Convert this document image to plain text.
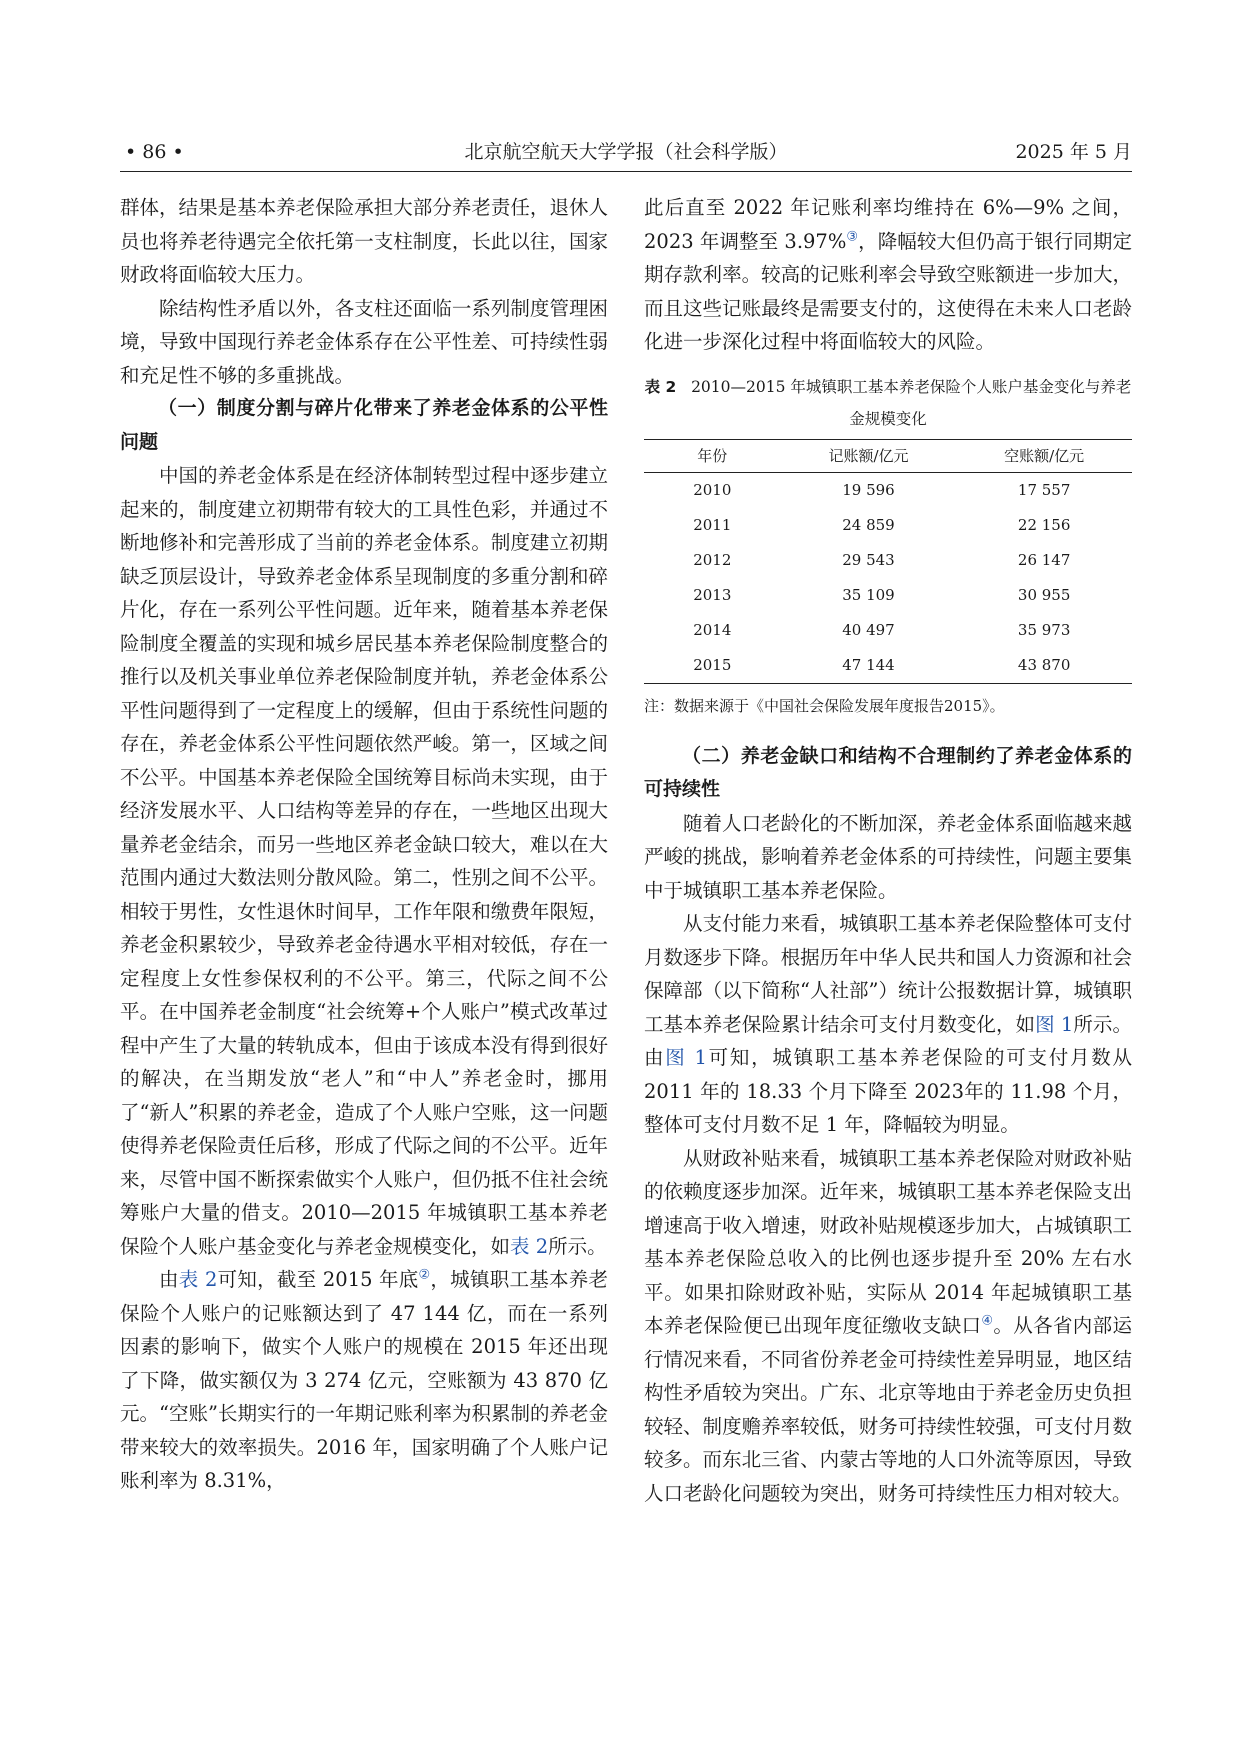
• 86 •	北京航空航天大学学报（社会科学版）	2025 年 5 月

群体，结果是基本养老保险承担大部分养老责任，退休人员也将养老待遇完全依托第一支柱制度，长此以往，国家财政将面临较大压力。

除结构性矛盾以外，各支柱还面临一系列制度管理困境，导致中国现行养老金体系存在公平性差、可持续性弱和充足性不够的多重挑战。

（一）制度分割与碎片化带来了养老金体系的公平性问题

中国的养老金体系是在经济体制转型过程中逐步建立起来的，制度建立初期带有较大的工具性色彩，并通过不断地修补和完善形成了当前的养老金体系。制度建立初期缺乏顶层设计，导致养老金体系呈现制度的多重分割和碎片化，存在一系列公平性问题。近年来，随着基本养老保险制度全覆盖的实现和城乡居民基本养老保险制度整合的推行以及机关事业单位养老保险制度并轨，养老金体系公平性问题得到了一定程度上的缓解，但由于系统性问题的存在，养老金体系公平性问题依然严峻。第一，区域之间不公平。中国基本养老保险全国统筹目标尚未实现，由于经济发展水平、人口结构等差异的存在，一些地区出现大量养老金结余，而另一些地区养老金缺口较大，难以在大范围内通过大数法则分散风险。第二，性别之间不公平。相较于男性，女性退休时间早，工作年限和缴费年限短，养老金积累较少，导致养老金待遇水平相对较低，存在一定程度上女性参保权利的不公平。第三，代际之间不公平。在中国养老金制度“社会统筹+个人账户”模式改革过程中产生了大量的转轨成本，但由于该成本没有得到很好的解决，在当期发放“老人”和“中人”养老金时，挪用了“新人”积累的养老金，造成了个人账户空账，这一问题使得养老保险责任后移，形成了代际之间的不公平。近年来，尽管中国不断探索做实个人账户，但仍抵不住社会统筹账户大量的借支。2010—2015 年城镇职工基本养老保险个人账户基金变化与养老金规模变化，如表 2所示。

由表 2可知，截至 2015 年底②，城镇职工基本养老保险个人账户的记账额达到了 47 144 亿，而在一系列因素的影响下，做实个人账户的规模在 2015 年还出现了下降，做实额仅为 3 274 亿元，空账额为 43 870 亿元。“空账”长期实行的一年期记账利率为积累制的养老金带来较大的效率损失。2016 年，国家明确了个人账户记账利率为 8.31%，

此后直至 2022 年记账利率均维持在 6%—9% 之间，2023 年调整至 3.97%③，降幅较大但仍高于银行同期定期存款利率。较高的记账利率会导致空账额进一步加大，而且这些记账最终是需要支付的，这使得在未来人口老龄化进一步深化过程中将面临较大的风险。

表 2 2010—2015 年城镇职工基本养老保险个人账户基金变化与养老金规模变化
年份	记账额/亿元	空账额/亿元
2010	19 596	17 557
2011	24 859	22 156
2012	29 543	26 147
2013	35 109	30 955
2014	40 497	35 973
2015	47 144	43 870
注：数据来源于《中国社会保险发展年度报告2015》。

（二）养老金缺口和结构不合理制约了养老金体系的可持续性

随着人口老龄化的不断加深，养老金体系面临越来越严峻的挑战，影响着养老金体系的可持续性，问题主要集中于城镇职工基本养老保险。

从支付能力来看，城镇职工基本养老保险整体可支付月数逐步下降。根据历年中华人民共和国人力资源和社会保障部（以下简称“人社部”）统计公报数据计算，城镇职工基本养老保险累计结余可支付月数变化，如图 1所示。由图 1可知，城镇职工基本养老保险的可支付月数从 2011 年的 18.33 个月下降至 2023年的 11.98 个月，整体可支付月数不足 1 年，降幅较为明显。

从财政补贴来看，城镇职工基本养老保险对财政补贴的依赖度逐步加深。近年来，城镇职工基本养老保险支出增速高于收入增速，财政补贴规模逐步加大，占城镇职工基本养老保险总收入的比例也逐步提升至 20% 左右水平。如果扣除财政补贴，实际从 2014 年起城镇职工基本养老保险便已出现年度征缴收支缺口④。从各省内部运行情况来看，不同省份养老金可持续性差异明显，地区结构性矛盾较为突出。广东、北京等地由于养老金历史负担较轻、制度赡养率较低，财务可持续性较强，可支付月数较多。而东北三省、内蒙古等地的人口外流等原因，导致人口老龄化问题较为突出，财务可持续性压力相对较大。
